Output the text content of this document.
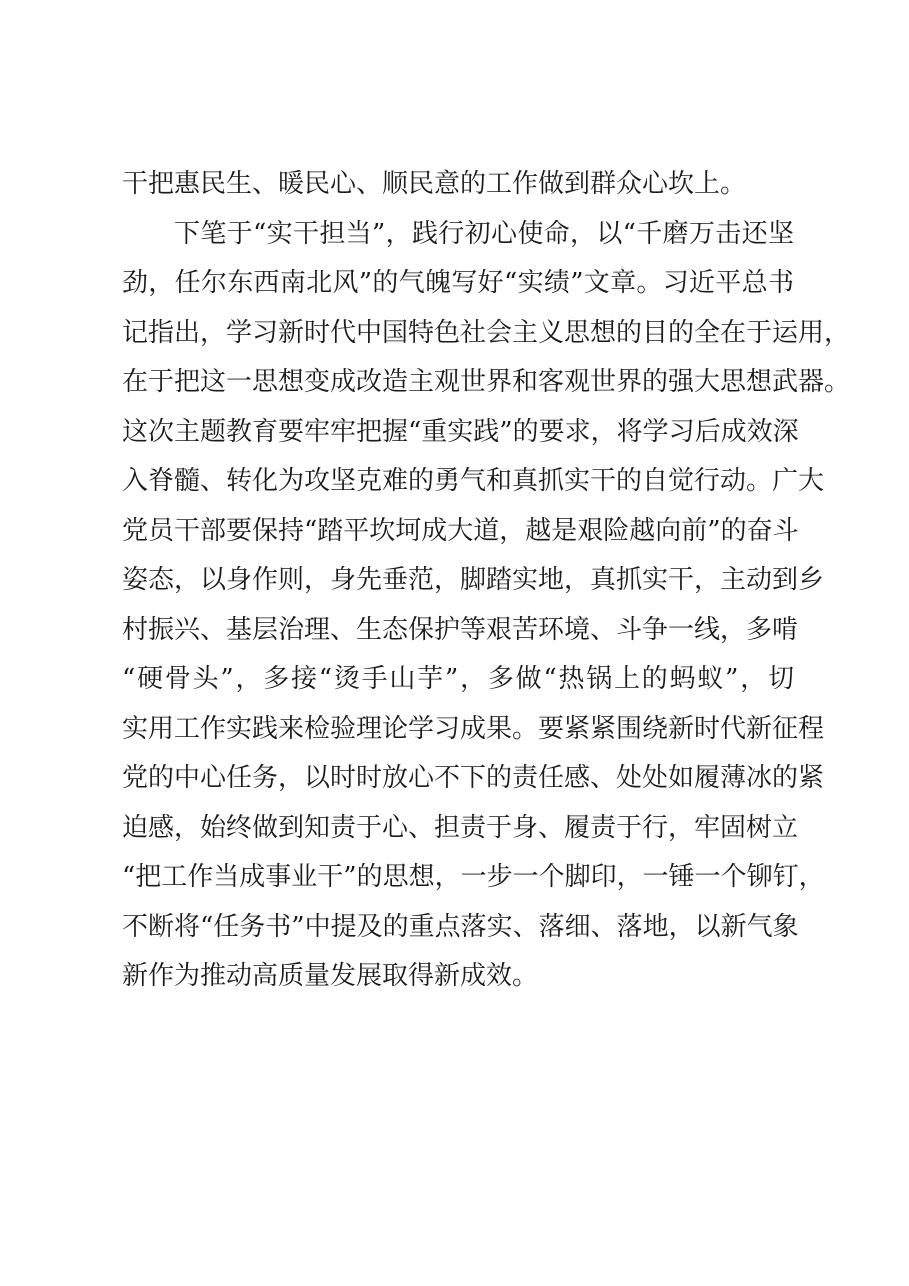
干把惠民生、暖民心、顺民意的工作做到群众心坎上。
下笔于“实干担当”，践行初心使命，以“千磨万击还坚
劲，任尔东西南北风”的气魄写好“实绩”文章。习近平总书
记指出，学习新时代中国特色社会主义思想的目的全在于运用，
在于把这一思想变成改造主观世界和客观世界的强大思想武器。
这次主题教育要牢牢把握“重实践”的要求，将学习后成效深
入脊髓、转化为攻坚克难的勇气和真抓实干的自觉行动。广大
党员干部要保持“踏平坎坷成大道，越是艰险越向前”的奋斗
姿态，以身作则，身先垂范，脚踏实地，真抓实干，主动到乡
村振兴、基层治理、生态保护等艰苦环境、斗争一线，多啃
“硬骨头”，多接“烫手山芋”，多做“热锅上的蚂蚁”，切
实用工作实践来检验理论学习成果。要紧紧围绕新时代新征程
党的中心任务，以时时放心不下的责任感、处处如履薄冰的紧
迫感，始终做到知责于心、担责于身、履责于行，牢固树立
“把工作当成事业干”的思想，一步一个脚印，一锤一个铆钉，
不断将“任务书”中提及的重点落实、落细、落地，以新气象
新作为推动高质量发展取得新成效。
